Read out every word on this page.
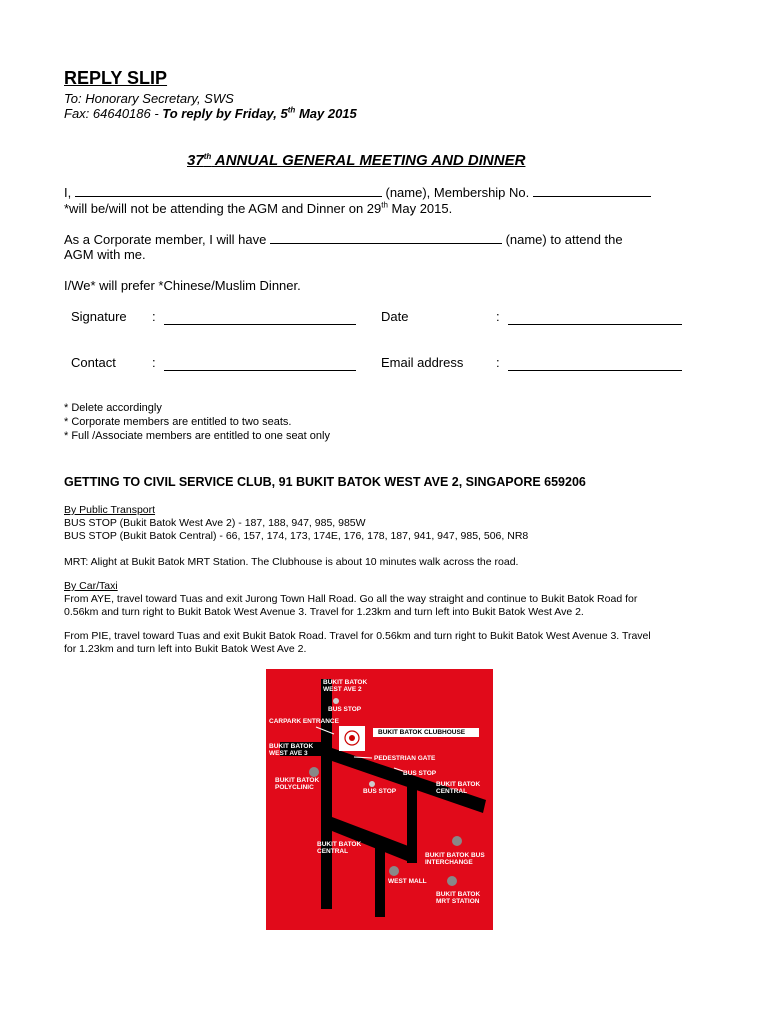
REPLY SLIP
To: Honorary Secretary, SWS
Fax: 64640186 - To reply by Friday, 5th May 2015
37th ANNUAL GENERAL MEETING AND DINNER
I,	(name), Membership No.
*will be/will not be attending the AGM and Dinner on 29th May 2015.
As a Corporate member, I will have	(name) to attend the
AGM with me.
I/We* will prefer *Chinese/Muslim Dinner.
Signature :	Date	:
Contact	:	Email address	:
* Delete accordingly
* Corporate members are entitled to two seats.
* Full /Associate members are entitled to one seat only
GETTING TO CIVIL SERVICE CLUB, 91 BUKIT BATOK WEST AVE 2, SINGAPORE 659206
By Public Transport
BUS STOP (Bukit Batok West Ave 2) - 187, 188, 947, 985, 985W
BUS STOP (Bukit Batok Central) - 66, 157, 174, 173, 174E, 176, 178, 187, 941, 947, 985, 506, NR8
MRT: Alight at Bukit Batok MRT Station. The Clubhouse is about 10 minutes walk across the road.
By Car/Taxi
From AYE, travel toward Tuas and exit Jurong Town Hall Road. Go all the way straight and continue to Bukit Batok Road for
0.56km and turn right to Bukit Batok West Avenue 3. Travel for 1.23km and turn left into Bukit Batok West Ave 2.
From PIE, travel toward Tuas and exit Bukit Batok Road. Travel for 0.56km and turn right to Bukit Batok West Avenue 3. Travel
for 1.23km and turn left into Bukit Batok West Ave 2.
BUKIT BATOK
WEST AVE 2
BUS STOP
CARPARK ENTRANCE
BUKIT BATOK CLUBHOUSE
BUKIT BATOK
WEST AVE 3
PEDESTRIAN GATE
BUS STOP
BUKIT BATOK
POLYCLINIC
BUS STOP
BUKIT BATOK
CENTRAL
BUKIT BATOK
CENTRAL
BUKIT BATOK BUS
INTERCHANGE
WEST MALL
BUKIT BATOK
MRT STATION
